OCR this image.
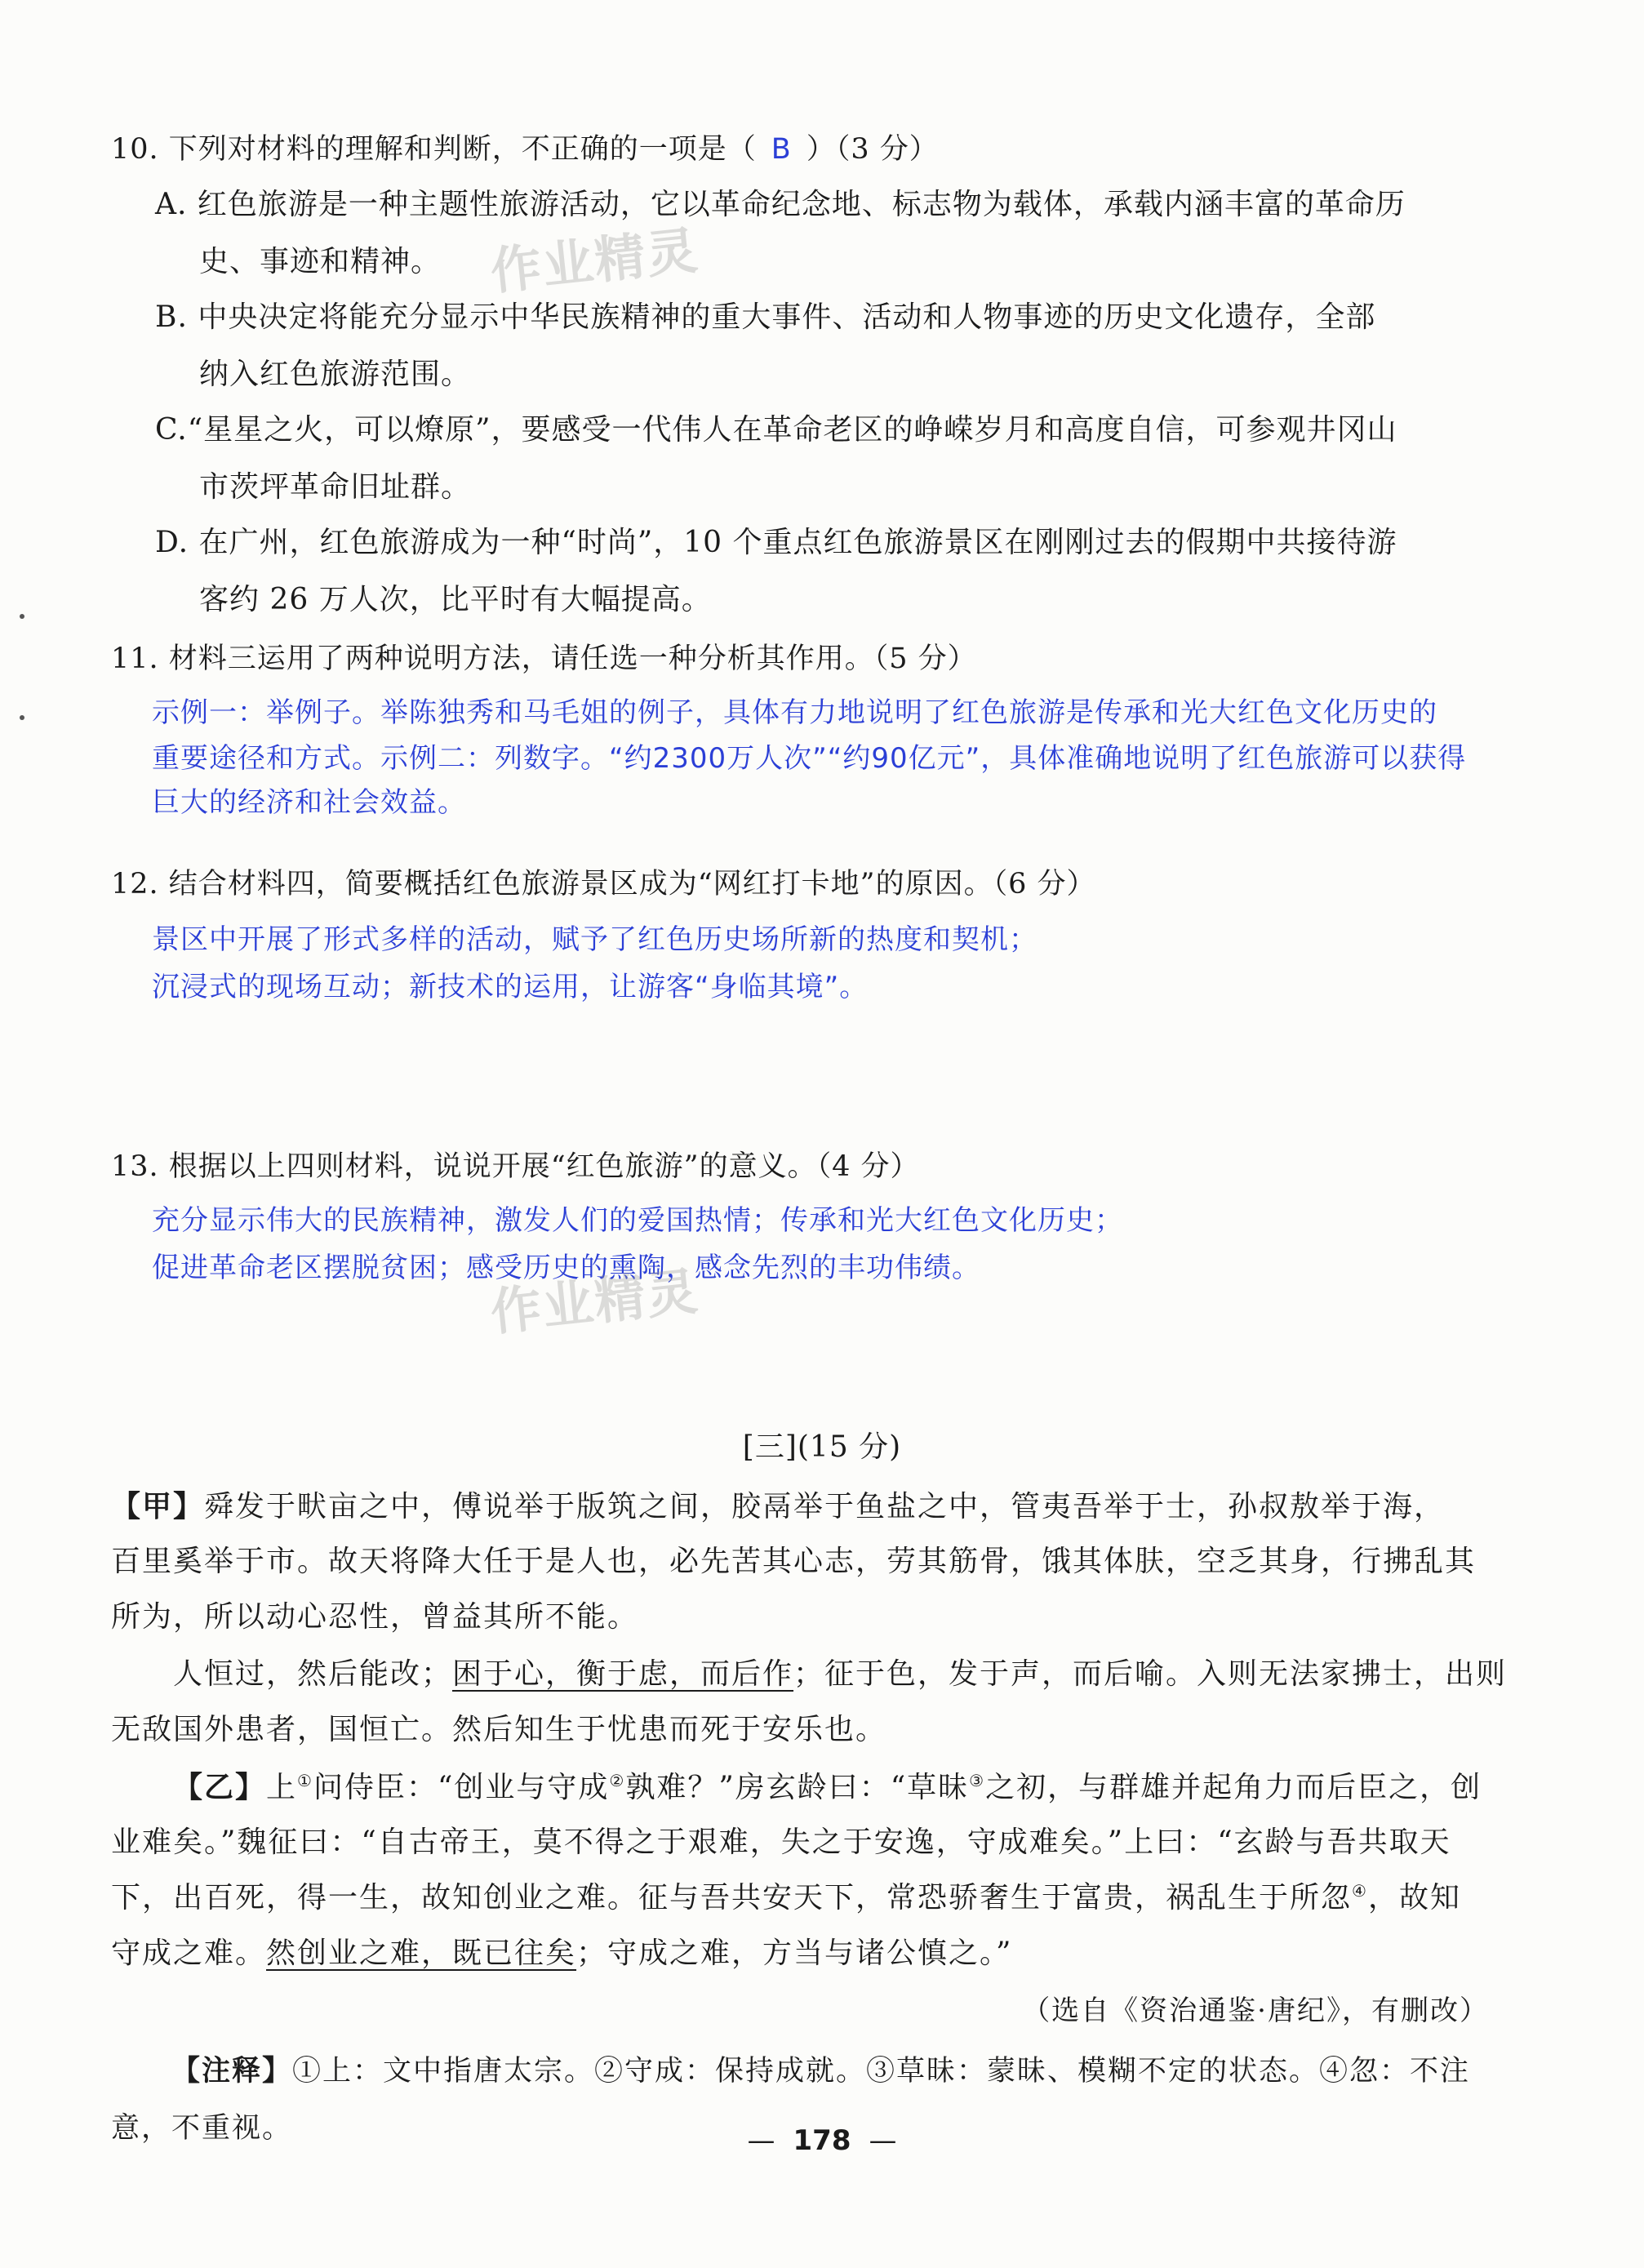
10. 下列对材料的理解和判断，不正确的一项是（ B ）（3 分）
A. 红色旅游是一种主题性旅游活动，它以革命纪念地、标志物为载体，承载内涵丰富的革命历
史、事迹和精神。
B. 中央决定将能充分显示中华民族精神的重大事件、活动和人物事迹的历史文化遗存，全部
纳入红色旅游范围。
C.“星星之火，可以燎原”，要感受一代伟人在革命老区的峥嵘岁月和高度自信，可参观井冈山
市茨坪革命旧址群。
D. 在广州，红色旅游成为一种“时尚”，10 个重点红色旅游景区在刚刚过去的假期中共接待游
客约 26 万人次，比平时有大幅提高。
11. 材料三运用了两种说明方法，请任选一种分析其作用。（5 分）
示例一：举例子。举陈独秀和马毛姐的例子，具体有力地说明了红色旅游是传承和光大红色文化历史的
重要途径和方式。示例二：列数字。“约2300万人次”“约90亿元”，具体准确地说明了红色旅游可以获得
巨大的经济和社会效益。
12. 结合材料四，简要概括红色旅游景区成为“网红打卡地”的原因。（6 分）
景区中开展了形式多样的活动，赋予了红色历史场所新的热度和契机；
沉浸式的现场互动；新技术的运用，让游客“身临其境”。
13. 根据以上四则材料，说说开展“红色旅游”的意义。（4 分）
充分显示伟大的民族精神，激发人们的爱国热情；传承和光大红色文化历史；
促进革命老区摆脱贫困；感受历史的熏陶，感念先烈的丰功伟绩。
作业精灵
作业精灵
[三](15 分)
【甲】舜发于畎亩之中，傅说举于版筑之间，胶鬲举于鱼盐之中，管夷吾举于士，孙叔敖举于海，
百里奚举于市。故天将降大任于是人也，必先苦其心志，劳其筋骨，饿其体肤，空乏其身，行拂乱其
所为，所以动心忍性，曾益其所不能。
人恒过，然后能改；困于心，衡于虑，而后作；征于色，发于声，而后喻。入则无法家拂士，出则
无敌国外患者，国恒亡。然后知生于忧患而死于安乐也。
【乙】上①问侍臣：“创业与守成②孰难？”房玄龄曰：“草昧③之初，与群雄并起角力而后臣之，创
业难矣。”魏征曰：“自古帝王，莫不得之于艰难，失之于安逸，守成难矣。”上曰：“玄龄与吾共取天
下，出百死，得一生，故知创业之难。征与吾共安天下，常恐骄奢生于富贵，祸乱生于所忽④，故知
守成之难。然创业之难，既已往矣；守成之难，方当与诸公慎之。”
（选自《资治通鉴·唐纪》，有删改）
【注释】①上：文中指唐太宗。②守成：保持成就。③草昧：蒙昧、模糊不定的状态。④忽：不注
意，不重视。	— 178 —
